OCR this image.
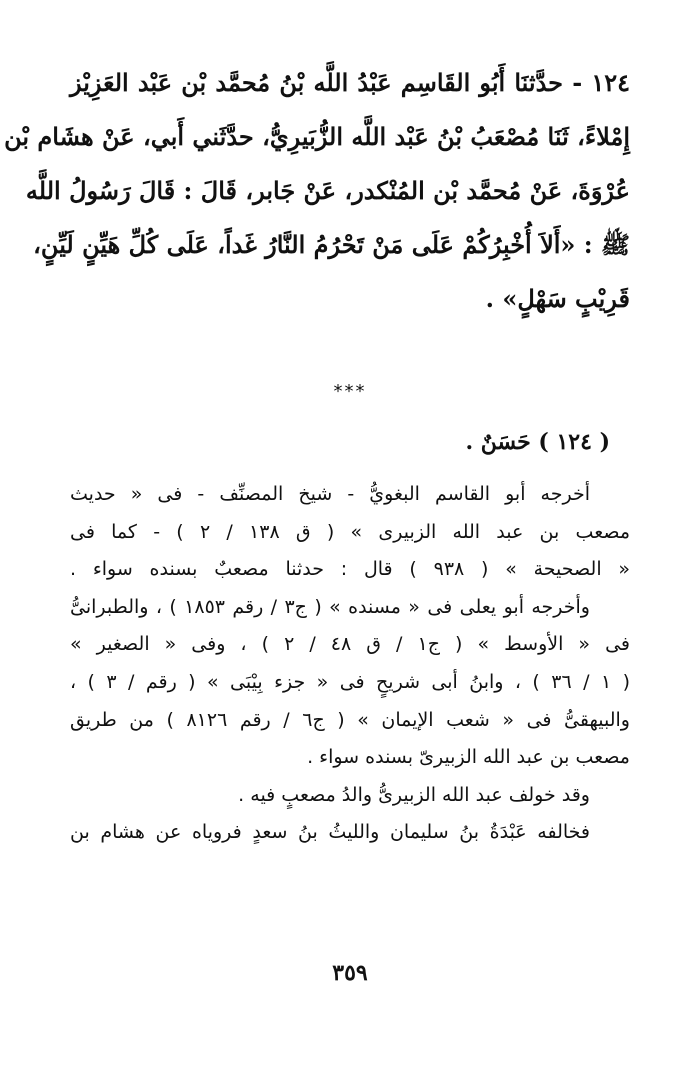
١٢٤ - حدَّثنَا أَبُو القَاسِم عَبْدُ اللَّه بْنُ مُحمَّد بْن عَبْد العَزِيْز
إِمْلاءً، ثَنَا مُصْعَبُ بْنُ عَبْد اللَّه الزُّبَيرِيُّ، حدَّثَني أَبي، عَنْ هشَام بْن
عُرْوَةَ، عَنْ مُحمَّد بْن المُنْكدر، عَنْ جَابر، قَالَ : قَالَ رَسُولُ اللَّه
ﷺ : «أَلاَ أُخْبِرُكُمْ عَلَى مَنْ تَحْرُمُ النَّارُ غَداً، عَلَى كُلِّ هَيِّنٍ لَيِّنٍ،
قَرِيْبٍ سَهْلٍ» .
***
( ١٢٤ ) حَسَنٌ .
أخرجه أبو القاسم البغويُّ - شيخ المصنِّف - فى « حديث
مصعب بن عبد الله الزبيرى » ( ق ١٣٨ / ٢ ) - كما فى
« الصحيحة » ( ٩٣٨ ) قال : حدثنا مصعبٌ بسنده سواء .
وأخرجه أبو يعلى فى « مسنده » ( ج٣ / رقم ١٨٥٣ ) ، والطبرانىُّ
فى « الأوسط » ( ج١ / ق ٤٨ / ٢ ) ، وفى « الصغير »
( ١ / ٣٦ ) ، وابنُ أبى شريحٍ فى « جزء بِيْبَى » ( رقم / ٣ ) ،
والبيهقىُّ فى « شعب الإيمان » ( ج٦ / رقم ٨١٢٦ ) من طريق
مصعب بن عبد الله الزبيرىّ بسنده سواء .
وقد خولف عبد الله الزبيرىُّ والدُ مصعبٍ فيه .
فخالفه عَبْدَةُ بنُ سليمان والليثُ بنُ سعدٍ فروياه عن هشام بن
٣٥٩
